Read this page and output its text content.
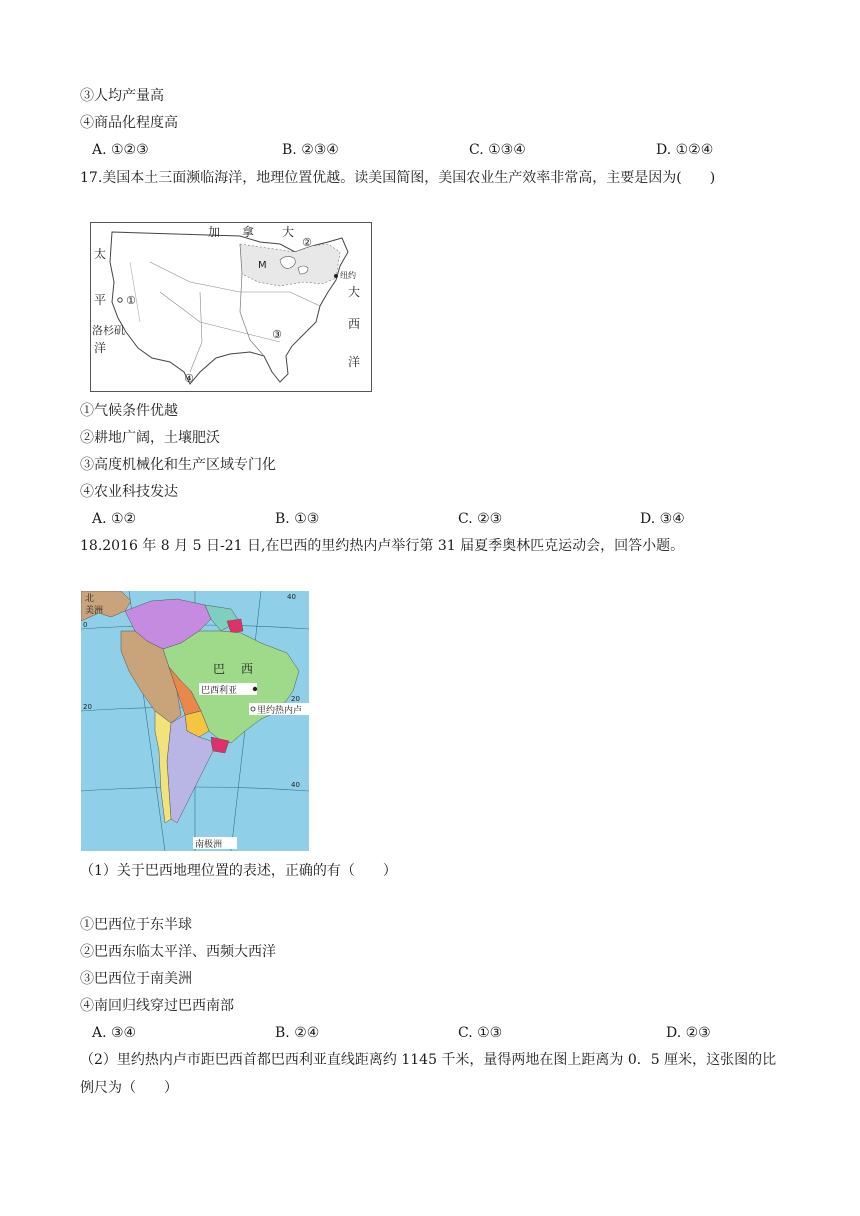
③人均产量高
④商品化程度高
A. ①②③	B. ②③④	C. ①③④	D. ①②④
17.美国本土三面濒临海洋，地理位置优越。读美国简图，美国农业生产效率非常高，主要是因为(　　)
加 拿 大
②
太
平
洋
洛杉矶
①
③
④
M
纽约
大
西
洋
①气候条件优越
②耕地广阔，土壤肥沃
③高度机械化和生产区域专门化
④农业科技发达
A. ①②	B. ①③	C. ②③	D. ③④
18.2016 年 8 月 5 日-21 日,在巴西的里约热内卢举行第 31 届夏季奥林匹克运动会，回答小题。
北
美洲
巴 西
巴西利亚
里约热内卢
南极洲
40
20
0
20
40
（1）关于巴西地理位置的表述，正确的有（　　）
①巴西位于东半球
②巴西东临太平洋、西频大西洋
③巴西位于南美洲
④南回归线穿过巴西南部
A. ③④	B. ②④	C. ①③	D. ②③
（2）里约热内卢市距巴西首都巴西利亚直线距离约 1145 千米，量得两地在图上距离为 0．5 厘米，这张图的比例尺为（　　）
